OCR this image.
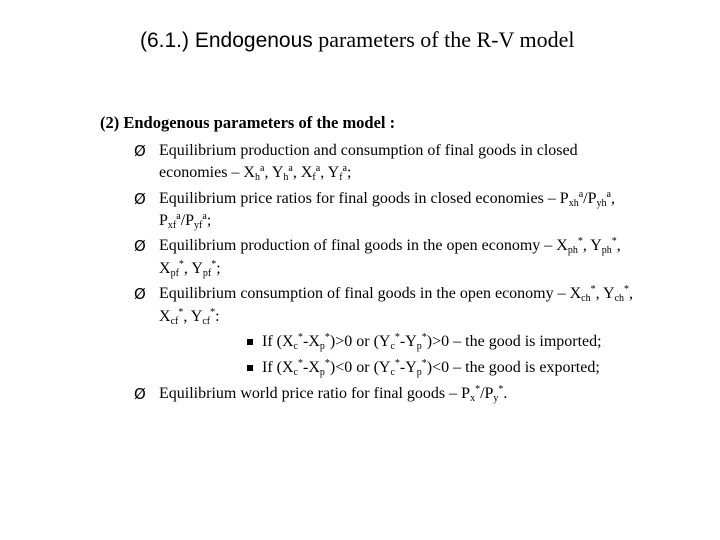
(6.1.) Endogenous parameters of the R-V model
(2) Endogenous parameters of the model :
Ø Equilibrium production and consumption of final goods in closed
economies – $X_h^a$, $Y_h^a$, $X_f^a$, $Y_f^a$;
Ø Equilibrium price ratios for final goods in closed economies – $P_{xh}^a/P_{yh}^a$,
$P_{xf}^a/P_{yf}^a$;
Ø Equilibrium production of final goods in the open economy – $X_{ph}^*$, $Y_{ph}^*$,
$X_{pf}^*$, $Y_{pf}^*$;
Ø Equilibrium consumption of final goods in the open economy – $X_{ch}^*$, $Y_{ch}^*$,
$X_{cf}^*$, $Y_{cf}^*$:
If $(X_c^*-X_p^*)>0$ or $(Y_c^*-Y_p^*)>0$ – the good is imported;
If $(X_c^*-X_p^*)<0$ or $(Y_c^*-Y_p^*)<0$ – the good is exported;
Ø Equilibrium world price ratio for final goods – $P_x^*/P_y^*$.
